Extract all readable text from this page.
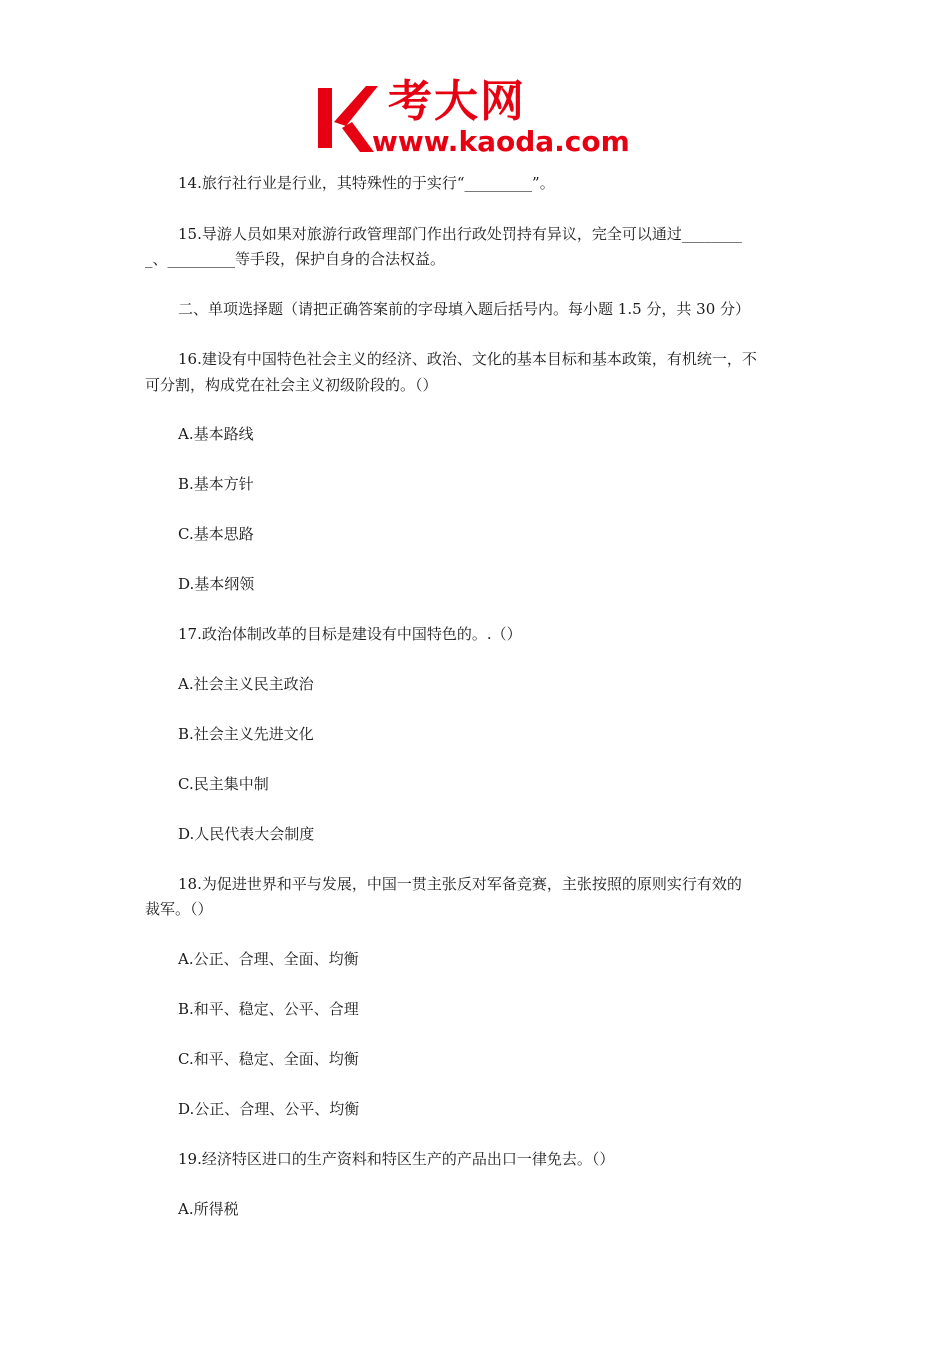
考大网
www.kaoda.com
14.旅行社行业是行业，其特殊性的于实行“_________”。
15.导游人员如果对旅游行政管理部门作出行政处罚持有异议，完全可以通过________
_、_________等手段，保护自身的合法权益。
二、单项选择题（请把正确答案前的字母填入题后括号内。每小题 1.5 分，共 30 分）
16.建设有中国特色社会主义的经济、政治、文化的基本目标和基本政策，有机统一，不
可分割，构成党在社会主义初级阶段的。（）
A.基本路线
B.基本方针
C.基本思路
D.基本纲领
17.政治体制改革的目标是建设有中国特色的。.（）
A.社会主义民主政治
B.社会主义先进文化
C.民主集中制
D.人民代表大会制度
18.为促进世界和平与发展，中国一贯主张反对军备竞赛，主张按照的原则实行有效的
裁军。（）
A.公正、合理、全面、均衡
B.和平、稳定、公平、合理
C.和平、稳定、全面、均衡
D.公正、合理、公平、均衡
19.经济特区进口的生产资料和特区生产的产品出口一律免去。（）
A.所得税
